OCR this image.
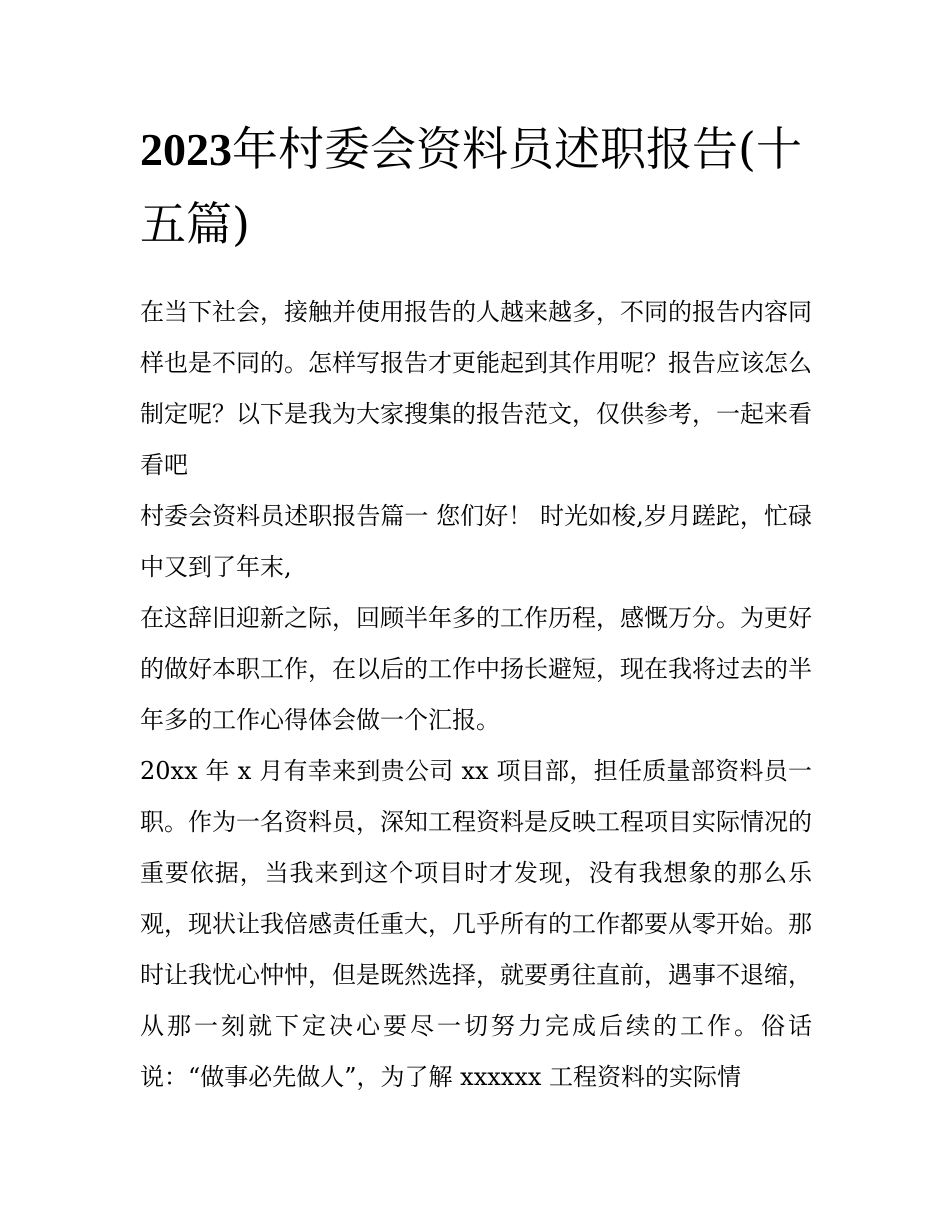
2023年村委会资料员述职报告(十五篇)

在当下社会，接触并使用报告的人越来越多，不同的报告内容同样也是不同的。怎样写报告才更能起到其作用呢？报告应该怎么制定呢？以下是我为大家搜集的报告范文，仅供参考，一起来看看吧

村委会资料员述职报告篇一 您们好！ 时光如梭,岁月蹉跎，忙碌中又到了年末,

在这辞旧迎新之际，回顾半年多的工作历程，感慨万分。为更好的做好本职工作，在以后的工作中扬长避短，现在我将过去的半年多的工作心得体会做一个汇报。

20xx 年 x 月有幸来到贵公司 xx 项目部，担任质量部资料员一职。作为一名资料员，深知工程资料是反映工程项目实际情况的重要依据，当我来到这个项目时才发现，没有我想象的那么乐观，现状让我倍感责任重大，几乎所有的工作都要从零开始。那时让我忧心忡忡，但是既然选择，就要勇往直前，遇事不退缩，从那一刻就下定决心要尽一切努力完成后续的工作。俗话说：“做事必先做人”，为了解 xxxxxx 工程资料的实际情
